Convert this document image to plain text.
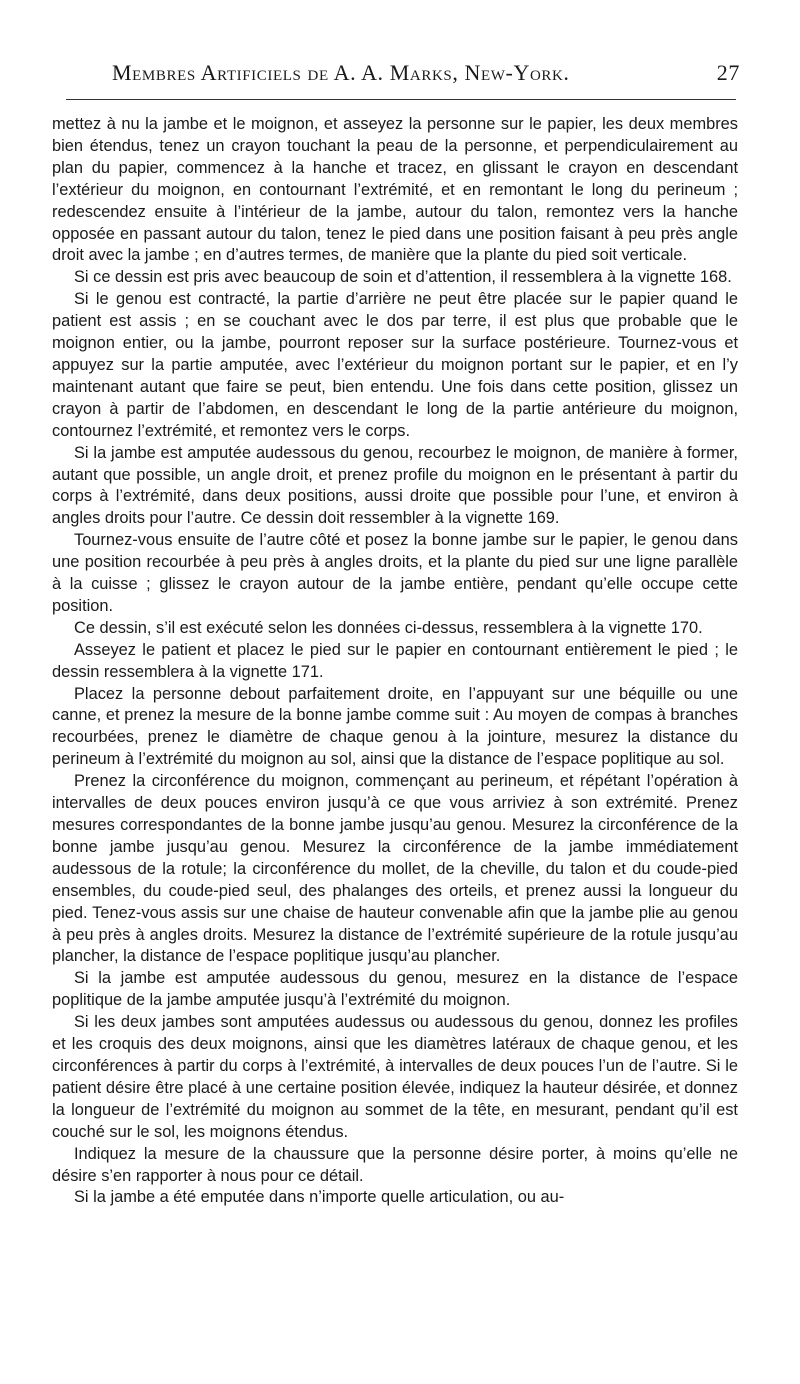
Membres Artificiels de A. A. Marks, New-York.	27

mettez à nu la jambe et le moignon, et asseyez la personne sur le papier, les deux membres bien étendus, tenez un crayon touchant la peau de la personne, et perpendiculairement au plan du papier, commencez à la hanche et tracez, en glissant le crayon en descendant l’extérieur du moignon, en contournant l’extrémité, et en remontant le long du perineum ; redescendez ensuite à l’intérieur de la jambe, autour du talon, remontez vers la hanche opposée en passant autour du talon, tenez le pied dans une position faisant à peu près angle droit avec la jambe ; en d’autres termes, de manière que la plante du pied soit verticale.

Si ce dessin est pris avec beaucoup de soin et d’attention, il ressemblera à la vignette 168.

Si le genou est contracté, la partie d’arrière ne peut être placée sur le papier quand le patient est assis ; en se couchant avec le dos par terre, il est plus que probable que le moignon entier, ou la jambe, pourront reposer sur la surface postérieure. Tournez-vous et appuyez sur la partie amputée, avec l’extérieur du moignon portant sur le papier, et en l’y maintenant autant que faire se peut, bien entendu. Une fois dans cette position, glissez un crayon à partir de l’abdomen, en descendant le long de la partie antérieure du moignon, contournez l’extrémité, et remontez vers le corps.

Si la jambe est amputée audessous du genou, recourbez le moignon, de manière à former, autant que possible, un angle droit, et prenez profile du moignon en le présentant à partir du corps à l’extrémité, dans deux positions, aussi droite que possible pour l’une, et environ à angles droits pour l’autre. Ce dessin doit ressembler à la vignette 169.

Tournez-vous ensuite de l’autre côté et posez la bonne jambe sur le papier, le genou dans une position recourbée à peu près à angles droits, et la plante du pied sur une ligne parallèle à la cuisse ; glissez le crayon autour de la jambe entière, pendant qu’elle occupe cette position.

Ce dessin, s’il est exécuté selon les données ci-dessus, ressemblera à la vignette 170.

Asseyez le patient et placez le pied sur le papier en contournant entièrement le pied ; le dessin ressemblera à la vignette 171.

Placez la personne debout parfaitement droite, en l’appuyant sur une béquille ou une canne, et prenez la mesure de la bonne jambe comme suit : Au moyen de compas à branches recourbées, prenez le diamètre de chaque genou à la jointure, mesurez la distance du perineum à l’extrémité du moignon au sol, ainsi que la distance de l’espace poplitique au sol.

Prenez la circonférence du moignon, commençant au perineum, et répétant l’opération à intervalles de deux pouces environ jusqu’à ce que vous arriviez à son extrémité. Prenez mesures correspondantes de la bonne jambe jusqu’au genou. Mesurez la circonférence de la bonne jambe jusqu’au genou. Mesurez la circonférence de la jambe immédiatement audessous de la rotule; la circonférence du mollet, de la cheville, du talon et du coude-pied ensembles, du coude-pied seul, des phalanges des orteils, et prenez aussi la longueur du pied. Tenez-vous assis sur une chaise de hauteur convenable afin que la jambe plie au genou à peu près à angles droits. Mesurez la distance de l’extrémité supérieure de la rotule jusqu’au plancher, la distance de l’espace poplitique jusqu’au plancher.

Si la jambe est amputée audessous du genou, mesurez en la distance de l’espace poplitique de la jambe amputée jusqu’à l’extrémité du moignon.

Si les deux jambes sont amputées audessus ou audessous du genou, donnez les profiles et les croquis des deux moignons, ainsi que les diamètres latéraux de chaque genou, et les circonférences à partir du corps à l’extrémité, à intervalles de deux pouces l’un de l’autre. Si le patient désire être placé à une certaine position élevée, indiquez la hauteur désirée, et donnez la longueur de l’extrémité du moignon au sommet de la tête, en mesurant, pendant qu’il est couché sur le sol, les moignons étendus.

Indiquez la mesure de la chaussure que la personne désire porter, à moins qu’elle ne désire s’en rapporter à nous pour ce détail.

Si la jambe a été emputée dans n’importe quelle articulation, ou au-
